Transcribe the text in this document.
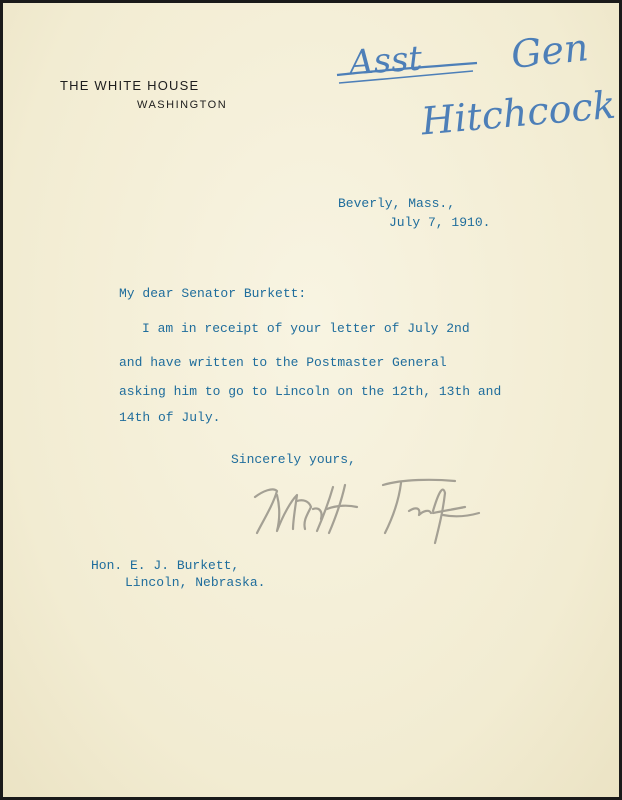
THE WHITE HOUSE
WASHINGTON
Asst Gen
Hitchcock
Beverly, Mass.,
July 7, 1910.
My dear Senator Burkett:
I am in receipt of your letter of July 2nd
and have written to the Postmaster General
asking him to go to Lincoln on the 12th, 13th and
14th of July.
Sincerely yours,
Hon. E. J. Burkett,
Lincoln, Nebraska.
